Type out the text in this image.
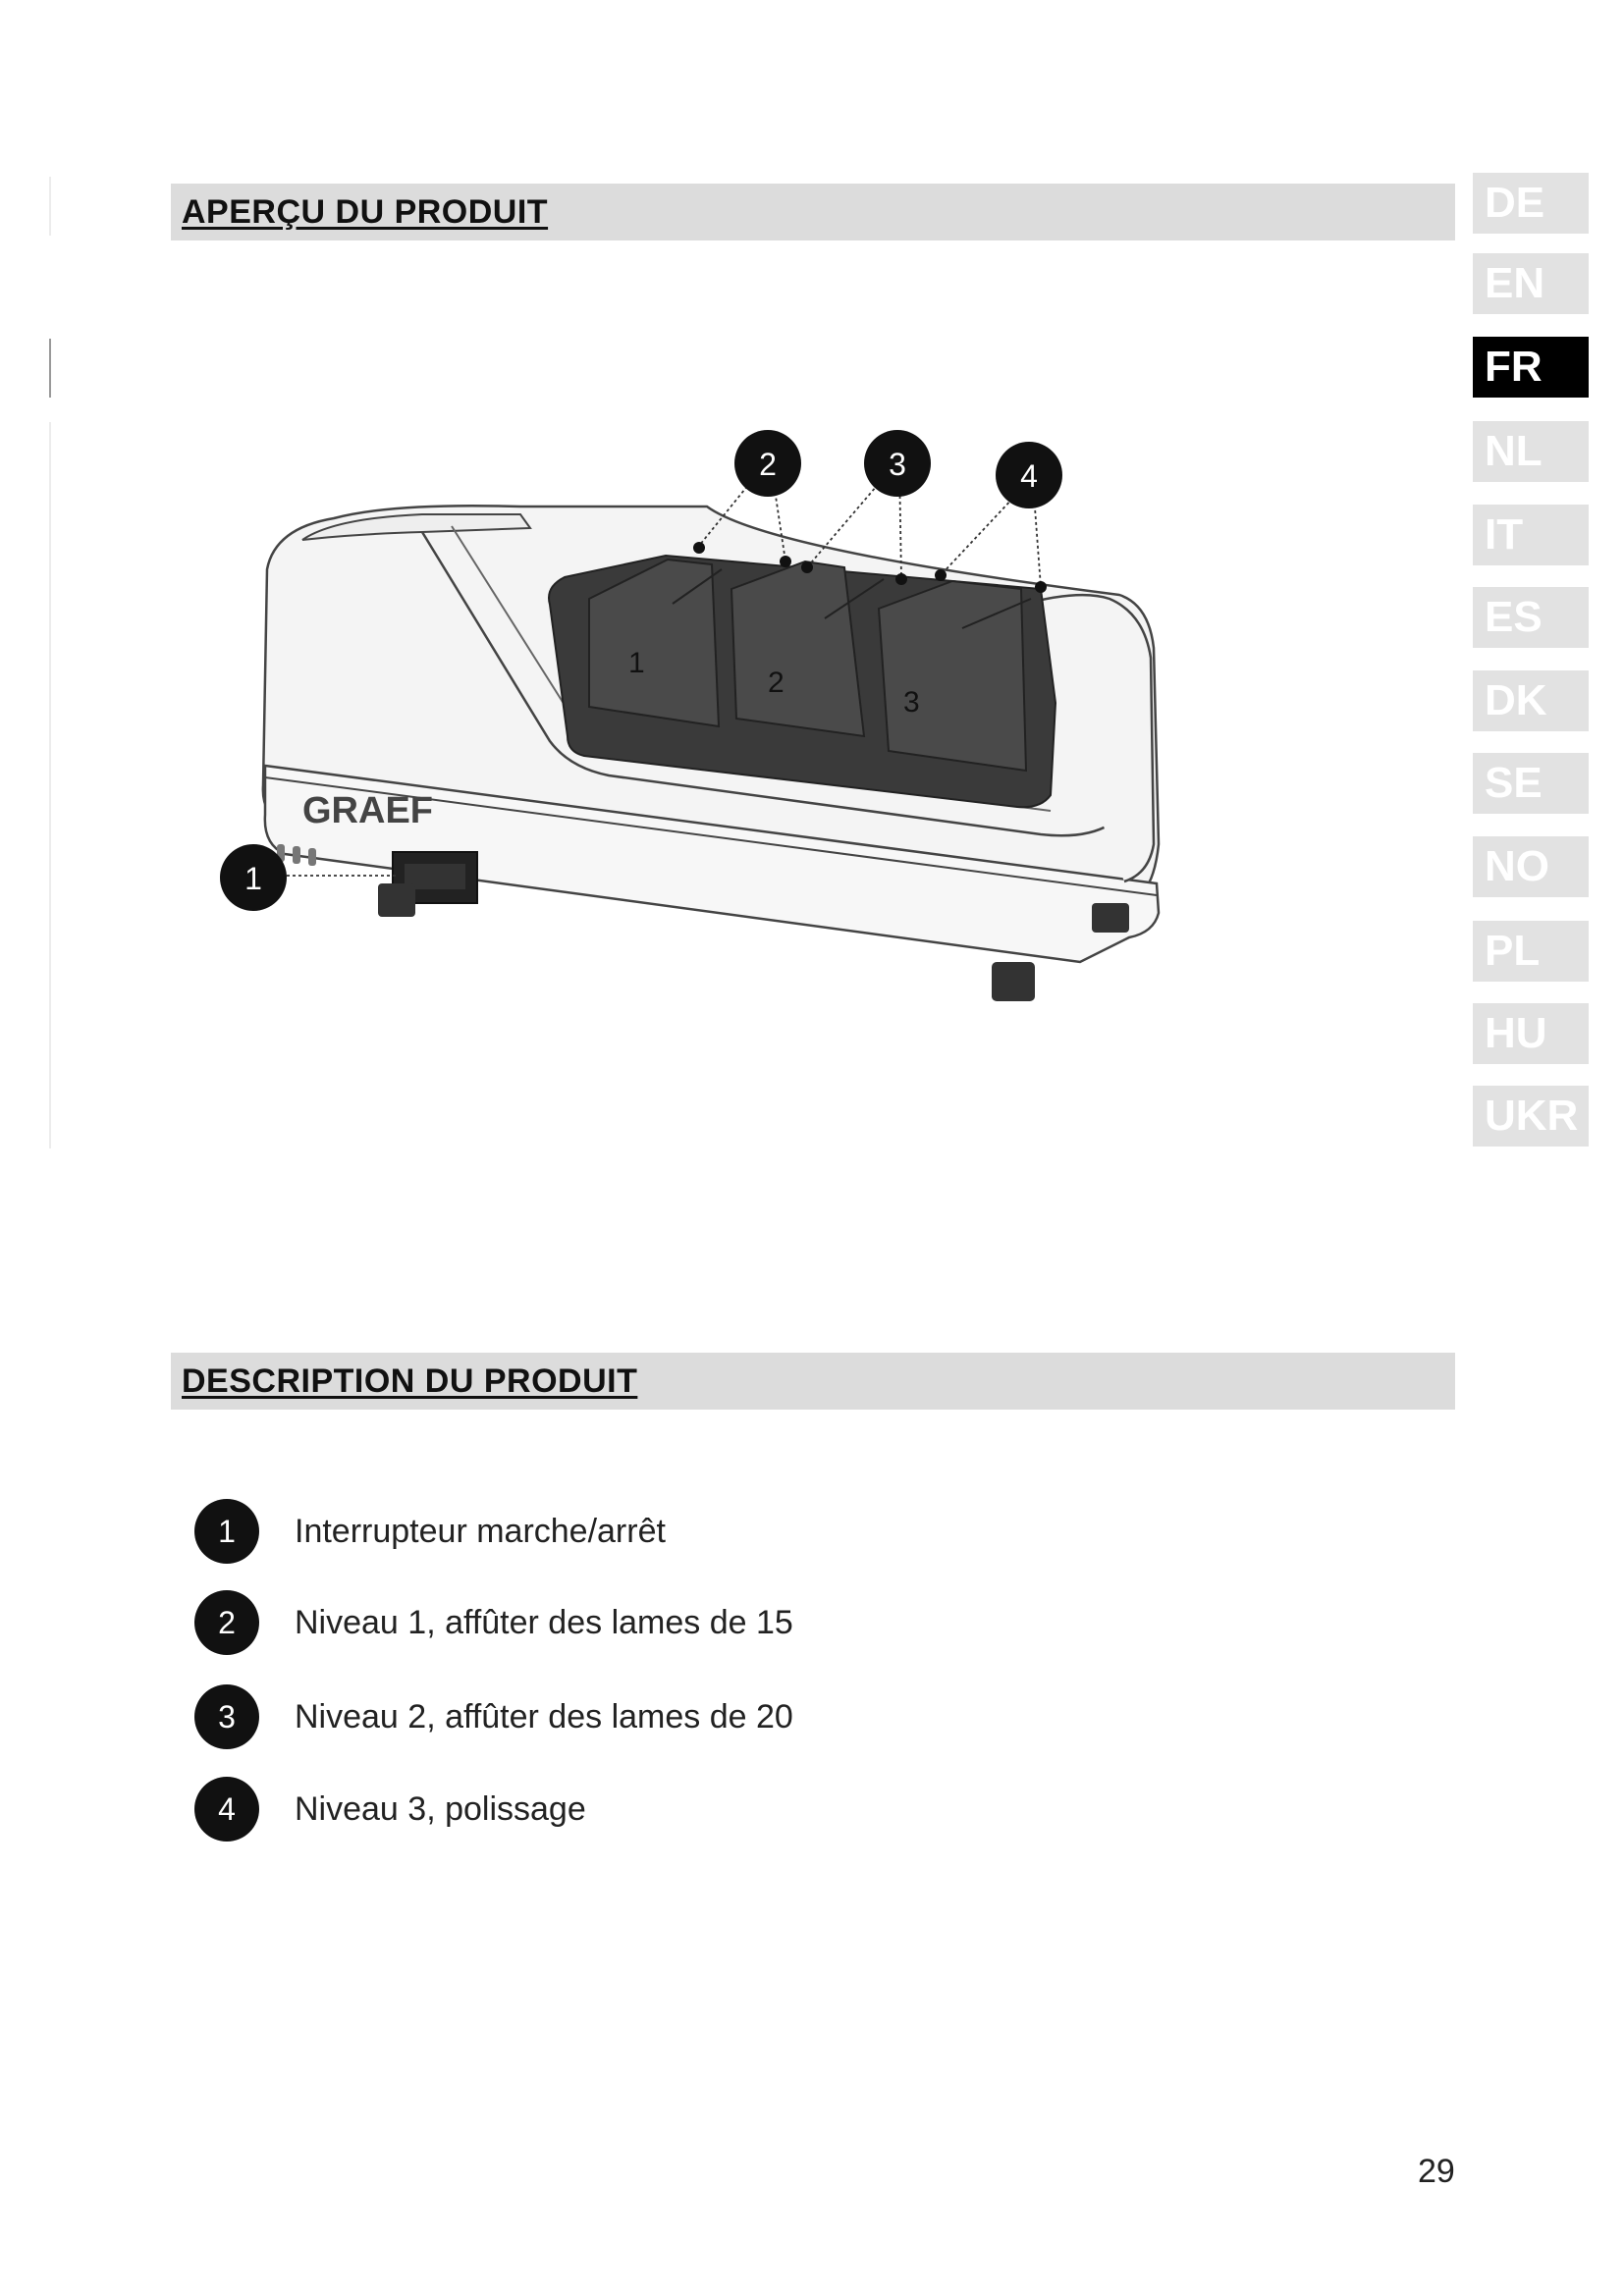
APERÇU DU PRODUIT	DE
EN
FR
NL
IT
ES
DK
SE
NO
PL
HU
UKR
1
2
3
GRAEF
1
2	3	4
DESCRIPTION DU PRODUIT
1	Interrupteur marche/arrêt
2	Niveau 1, affûter des lames de 15
3	Niveau 2, affûter des lames de 20
4	Niveau 3, polissage
29
